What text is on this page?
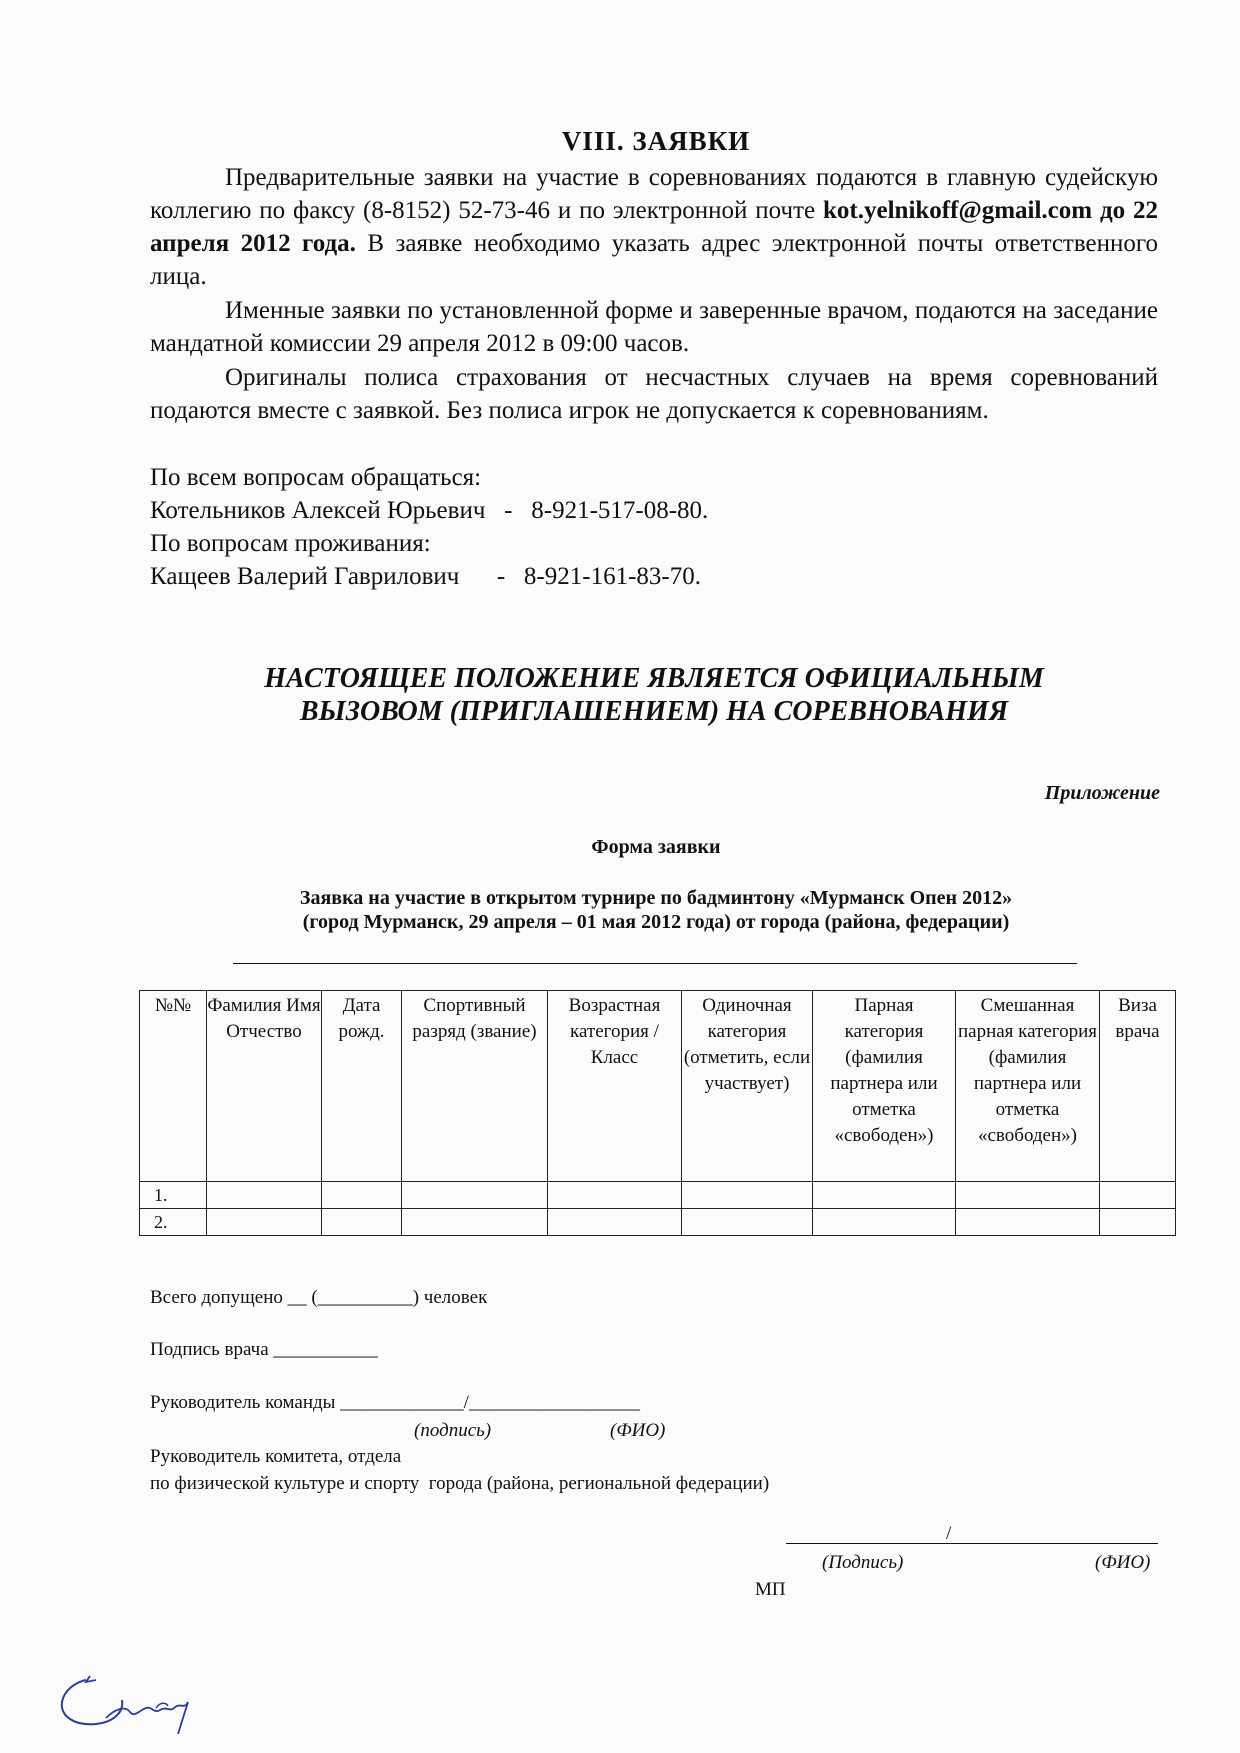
VIII. ЗАЯВКИ
Предварительные заявки на участие в соревнованиях подаются в главную судейскую коллегию по факсу (8-8152) 52-73-46 и по электронной почте kot.yelnikoff@gmail.com до 22 апреля 2012 года. В заявке необходимо указать адрес электронной почты ответственного лица.
Именные заявки по установленной форме и заверенные врачом, подаются на заседание мандатной комиссии 29 апреля 2012 в 09:00 часов.
Оригиналы полиса страхования от несчастных случаев на время соревнований подаются вместе с заявкой. Без полиса игрок не допускается к соревнованиям.
По всем вопросам обращаться:
Котельников Алексей Юрьевич   -   8-921-517-08-80.
По вопросам проживания:
Кащеев Валерий Гаврилович      -   8-921-161-83-70.
НАСТОЯЩЕЕ ПОЛОЖЕНИЕ ЯВЛЯЕТСЯ ОФИЦИАЛЬНЫМ
ВЫЗОВОМ (ПРИГЛАШЕНИЕМ) НА СОРЕВНОВАНИЯ
Приложение
Форма заявки
Заявка на участие в открытом турнире по бадминтону «Мурманск Опен 2012»
(город Мурманск, 29 апреля – 01 мая 2012 года) от города (района, федерации)
№№	Фамилия Имя Отчество	Дата рожд.	Спортивный разряд (звание)	Возрастная категория / Класс	Одиночная категория (отметить, если участвует)	Парная категория (фамилия партнера или отметка «свободен»)	Смешанная парная категория (фамилия партнера или отметка «свободен»)	Виза врача
1.								
2.								
Всего допущено __ (__________) человек
Подпись врача ___________
Руководитель команды _____________/__________________
(подпись)	(ФИО)
Руководитель комитета, отдела
по физической культуре и спорту  города (района, региональной федерации)
/
(Подпись)	(ФИО)
МП
